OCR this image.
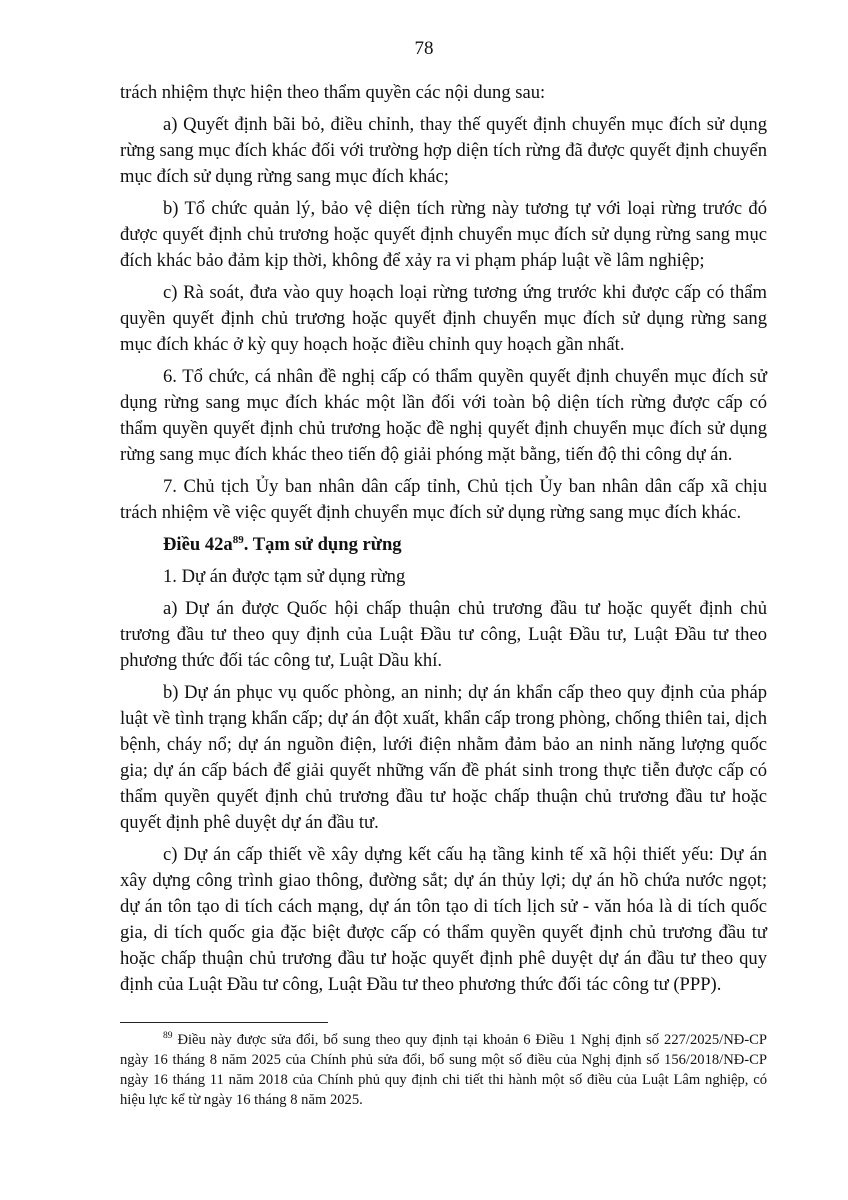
78

trách nhiệm thực hiện theo thẩm quyền các nội dung sau:

a) Quyết định bãi bỏ, điều chỉnh, thay thế quyết định chuyển mục đích sử dụng rừng sang mục đích khác đối với trường hợp diện tích rừng đã được quyết định chuyển mục đích sử dụng rừng sang mục đích khác;

b) Tổ chức quản lý, bảo vệ diện tích rừng này tương tự với loại rừng trước đó được quyết định chủ trương hoặc quyết định chuyển mục đích sử dụng rừng sang mục đích khác bảo đảm kịp thời, không để xảy ra vi phạm pháp luật về lâm nghiệp;

c) Rà soát, đưa vào quy hoạch loại rừng tương ứng trước khi được cấp có thẩm quyền quyết định chủ trương hoặc quyết định chuyển mục đích sử dụng rừng sang mục đích khác ở kỳ quy hoạch hoặc điều chỉnh quy hoạch gần nhất.

6. Tổ chức, cá nhân đề nghị cấp có thẩm quyền quyết định chuyển mục đích sử dụng rừng sang mục đích khác một lần đối với toàn bộ diện tích rừng được cấp có thẩm quyền quyết định chủ trương hoặc đề nghị quyết định chuyển mục đích sử dụng rừng sang mục đích khác theo tiến độ giải phóng mặt bằng, tiến độ thi công dự án.

7. Chủ tịch Ủy ban nhân dân cấp tỉnh, Chủ tịch Ủy ban nhân dân cấp xã chịu trách nhiệm về việc quyết định chuyển mục đích sử dụng rừng sang mục đích khác.

Điều $42a^{89}$. Tạm sử dụng rừng

1. Dự án được tạm sử dụng rừng

a) Dự án được Quốc hội chấp thuận chủ trương đầu tư hoặc quyết định chủ trương đầu tư theo quy định của Luật Đầu tư công, Luật Đầu tư, Luật Đầu tư theo phương thức đối tác công tư, Luật Dầu khí.

b) Dự án phục vụ quốc phòng, an ninh; dự án khẩn cấp theo quy định của pháp luật về tình trạng khẩn cấp; dự án đột xuất, khẩn cấp trong phòng, chống thiên tai, dịch bệnh, cháy nổ; dự án nguồn điện, lưới điện nhằm đảm bảo an ninh năng lượng quốc gia; dự án cấp bách để giải quyết những vấn đề phát sinh trong thực tiễn được cấp có thẩm quyền quyết định chủ trương đầu tư hoặc chấp thuận chủ trương đầu tư hoặc quyết định phê duyệt dự án đầu tư.

c) Dự án cấp thiết về xây dựng kết cấu hạ tầng kinh tế xã hội thiết yếu: Dự án xây dựng công trình giao thông, đường sắt; dự án thủy lợi; dự án hồ chứa nước ngọt; dự án tôn tạo di tích cách mạng, dự án tôn tạo di tích lịch sử - văn hóa là di tích quốc gia, di tích quốc gia đặc biệt được cấp có thẩm quyền quyết định chủ trương đầu tư hoặc chấp thuận chủ trương đầu tư hoặc quyết định phê duyệt dự án đầu tư theo quy định của Luật Đầu tư công, Luật Đầu tư theo phương thức đối tác công tư (PPP).

$^{89}$ Điều này được sửa đổi, bổ sung theo quy định tại khoản 6 Điều 1 Nghị định số 227/2025/NĐ-CP ngày 16 tháng 8 năm 2025 của Chính phủ sửa đổi, bổ sung một số điều của Nghị định số 156/2018/NĐ-CP ngày 16 tháng 11 năm 2018 của Chính phủ quy định chi tiết thi hành một số điều của Luật Lâm nghiệp, có hiệu lực kể từ ngày 16 tháng 8 năm 2025.
